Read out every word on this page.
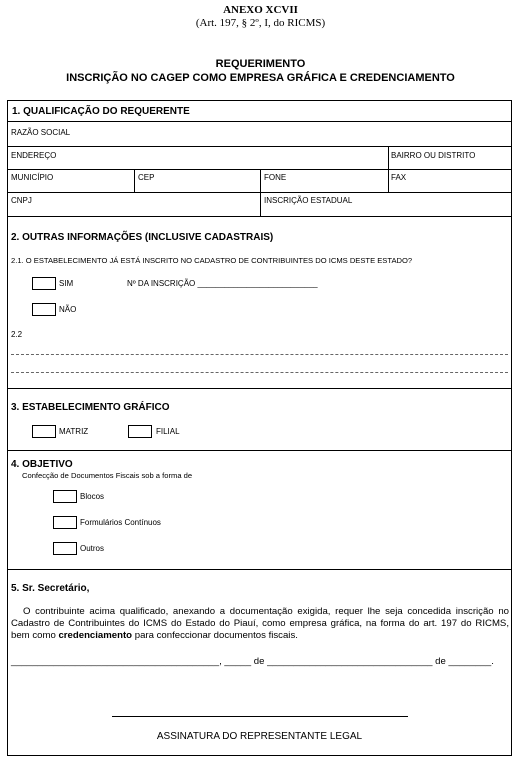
ANEXO XCVII
(Art. 197, § 2º, I, do RICMS)
REQUERIMENTO
INSCRIÇÃO NO CAGEP COMO EMPRESA GRÁFICA E CREDENCIAMENTO
1. QUALIFICAÇÃO DO REQUERENTE
RAZÃO SOCIAL
ENDEREÇO	BAIRRO OU DISTRITO
MUNICÍPIO	CEP	FONE	FAX
CNPJ	INSCRIÇÃO ESTADUAL
2. OUTRAS INFORMAÇÕES (INCLUSIVE CADASTRAIS)
2.1. O ESTABELECIMENTO JÁ ESTÁ INSCRITO NO CADASTRO DE CONTRIBUINTES DO ICMS DESTE ESTADO?
SIM	Nº DA INSCRIÇÃO ___________________________
NÃO
2.2
3. ESTABELECIMENTO GRÁFICO
MATRIZ	FILIAL
4. OBJETIVO
Confecção de Documentos Fiscais sob a forma de
Blocos
Formulários Contínuos
Outros
5. Sr. Secretário,
O contribuinte acima qualificado, anexando a documentação exigida, requer lhe seja concedida inscrição no Cadastro de Contribuintes do ICMS do Estado do Piauí, como empresa gráfica, na forma do art. 197 do RICMS, bem como credenciamento para confeccionar documentos fiscais.
_______________________________________, _____ de _______________________________ de ________.
ASSINATURA DO REPRESENTANTE LEGAL
